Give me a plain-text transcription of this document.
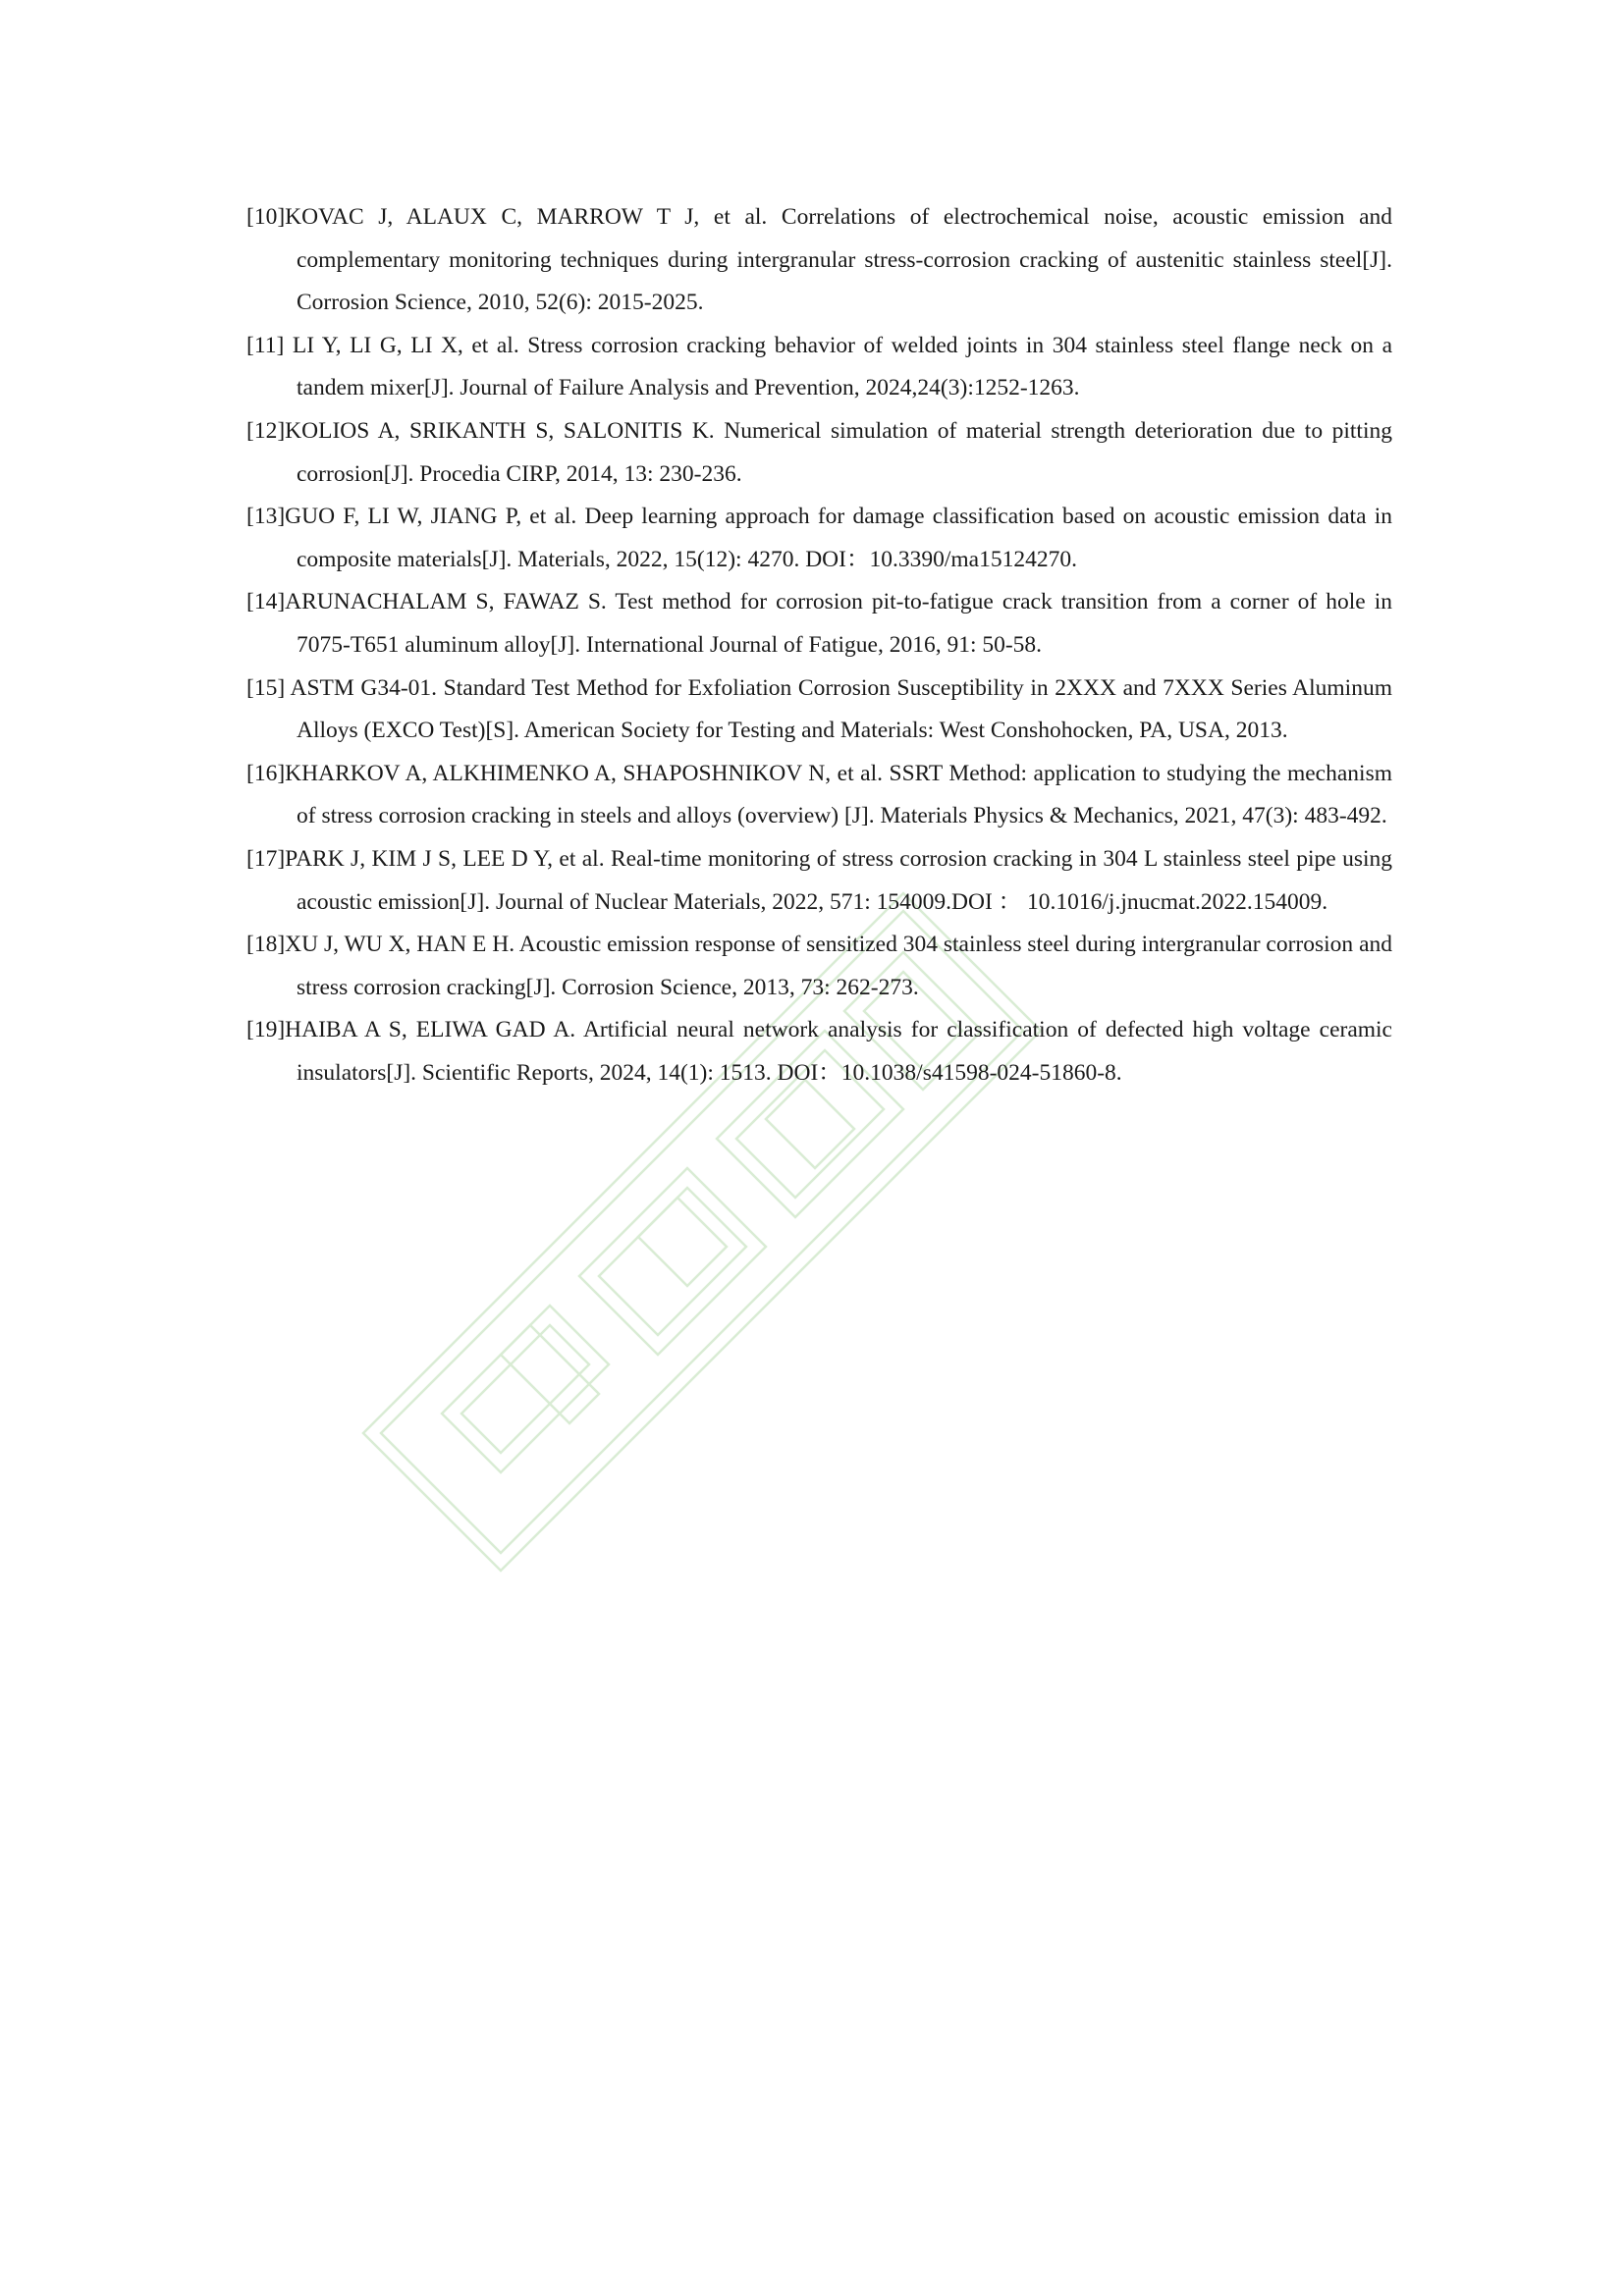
[10]KOVAC J, ALAUX C, MARROW T J, et al. Correlations of electrochemical noise, acoustic emission and complementary monitoring techniques during intergranular stress-corrosion cracking of austenitic stainless steel[J]. Corrosion Science, 2010, 52(6): 2015-2025.

[11] LI Y, LI G, LI X, et al. Stress corrosion cracking behavior of welded joints in 304 stainless steel flange neck on a tandem mixer[J]. Journal of Failure Analysis and Prevention, 2024,24(3):1252-1263.

[12]KOLIOS A, SRIKANTH S, SALONITIS K. Numerical simulation of material strength deterioration due to pitting corrosion[J]. Procedia CIRP, 2014, 13: 230-236.

[13]GUO F, LI W, JIANG P, et al. Deep learning approach for damage classification based on acoustic emission data in composite materials[J]. Materials, 2022, 15(12): 4270. DOI：10.3390/ma15124270.

[14]ARUNACHALAM S, FAWAZ S. Test method for corrosion pit-to-fatigue crack transition from a corner of hole in 7075-T651 aluminum alloy[J]. International Journal of Fatigue, 2016, 91: 50-58.

[15] ASTM G34-01. Standard Test Method for Exfoliation Corrosion Susceptibility in 2XXX and 7XXX Series Aluminum Alloys (EXCO Test)[S]. American Society for Testing and Materials: West Conshohocken, PA, USA, 2013.

[16]KHARKOV A, ALKHIMENKO A, SHAPOSHNIKOV N, et al. SSRT Method: application to studying the mechanism of stress corrosion cracking in steels and alloys (overview) [J]. Materials Physics & Mechanics, 2021, 47(3): 483-492.

[17]PARK J, KIM J S, LEE D Y, et al. Real-time monitoring of stress corrosion cracking in 304 L stainless steel pipe using acoustic emission[J]. Journal of Nuclear Materials, 2022, 571: 154009.DOI ： 10.1016/j.jnucmat.2022.154009.

[18]XU J, WU X, HAN E H. Acoustic emission response of sensitized 304 stainless steel during intergranular corrosion and stress corrosion cracking[J]. Corrosion Science, 2013, 73: 262-273.

[19]HAIBA A S, ELIWA GAD A. Artificial neural network analysis for classification of defected high voltage ceramic insulators[J]. Scientific Reports, 2024, 14(1): 1513. DOI：10.1038/s41598-024-51860-8.
